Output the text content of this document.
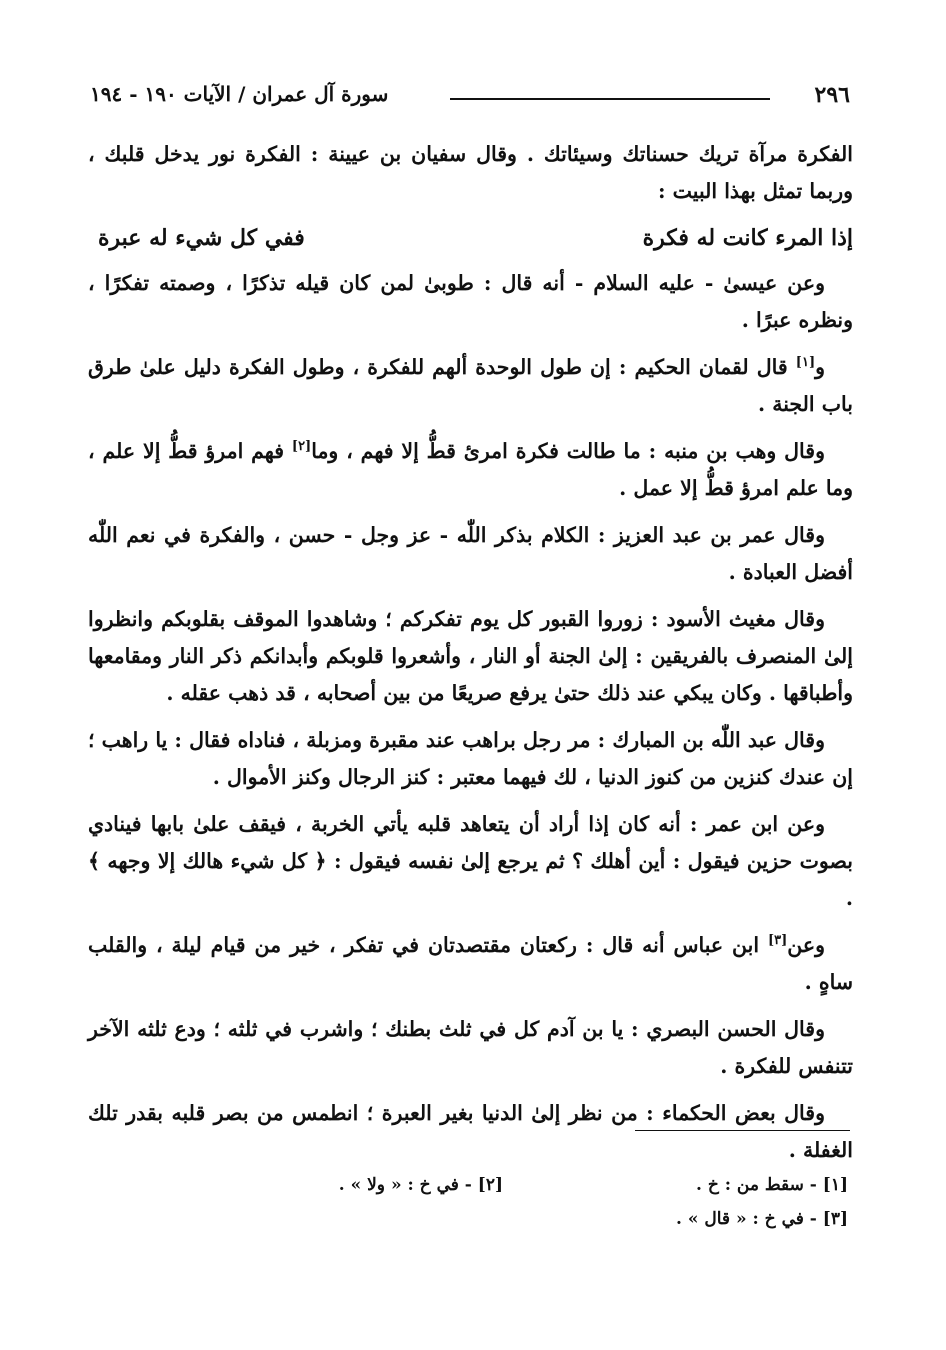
٢٩٦
سورة آل عمران / الآيات ١٩٠ - ١٩٤

الفكرة مرآة تريك حسناتك وسيئاتك . وقال سفيان بن عيينة : الفكرة نور يدخل قلبك ، وربما تمثل بهذا البيت :

إذا المرء كانت له فكرة
ففي كل شيء له عبرة

وعن عيسىٰ - عليه السلام - أنه قال : طوبىٰ لمن كان قيله تذكرًا ، وصمته تفكرًا ، ونظره عبرًا .

و[١] قال لقمان الحكيم : إن طول الوحدة ألهم للفكرة ، وطول الفكرة دليل علىٰ طرق باب الجنة .

وقال وهب بن منبه : ما طالت فكرة امرئ قطُّ إلا فهم ، وما[٢] فهم امرؤ قطُّ إلا علم ، وما علم امرؤ قطُّ إلا عمل .

وقال عمر بن عبد العزيز : الكلام بذكر اللّٰه - عز وجل - حسن ، والفكرة في نعم اللّٰه أفضل العبادة .

وقال مغيث الأسود : زوروا القبور كل يوم تفكركم ؛ وشاهدوا الموقف بقلوبكم وانظروا إلىٰ المنصرف بالفريقين : إلىٰ الجنة أو النار ، وأشعروا قلوبكم وأبدانكم ذكر النار ومقامعها وأطباقها . وكان يبكي عند ذلك حتىٰ يرفع صريعًا من بين أصحابه ، قد ذهب عقله .

وقال عبد اللّٰه بن المبارك : مر رجل براهب عند مقبرة ومزبلة ، فناداه فقال : يا راهب ؛ إن عندك كنزين من كنوز الدنيا ، لك فيهما معتبر : كنز الرجال وكنز الأموال .

وعن ابن عمر : أنه كان إذا أراد أن يتعاهد قلبه يأتي الخربة ، فيقف علىٰ بابها فينادي بصوت حزين فيقول : أين أهلك ؟ ثم يرجع إلىٰ نفسه فيقول : ﴿ كل شيء هالك إلا وجهه ﴾ .

وعن[٣] ابن عباس أنه قال : ركعتان مقتصدتان في تفكر ، خير من قيام ليلة ، والقلب ساهٍ .

وقال الحسن البصري : يا بن آدم كل في ثلث بطنك ؛ واشرب في ثلثه ؛ ودع ثلثه الآخر تتنفس للفكرة .

وقال بعض الحكماء : من نظر إلىٰ الدنيا بغير العبرة ؛ انطمس من بصر قلبه بقدر تلك الغفلة .

[١] - سقط من : خ .
[٢] - في خ : « ولا » .
[٣] - في خ : « قال » .
